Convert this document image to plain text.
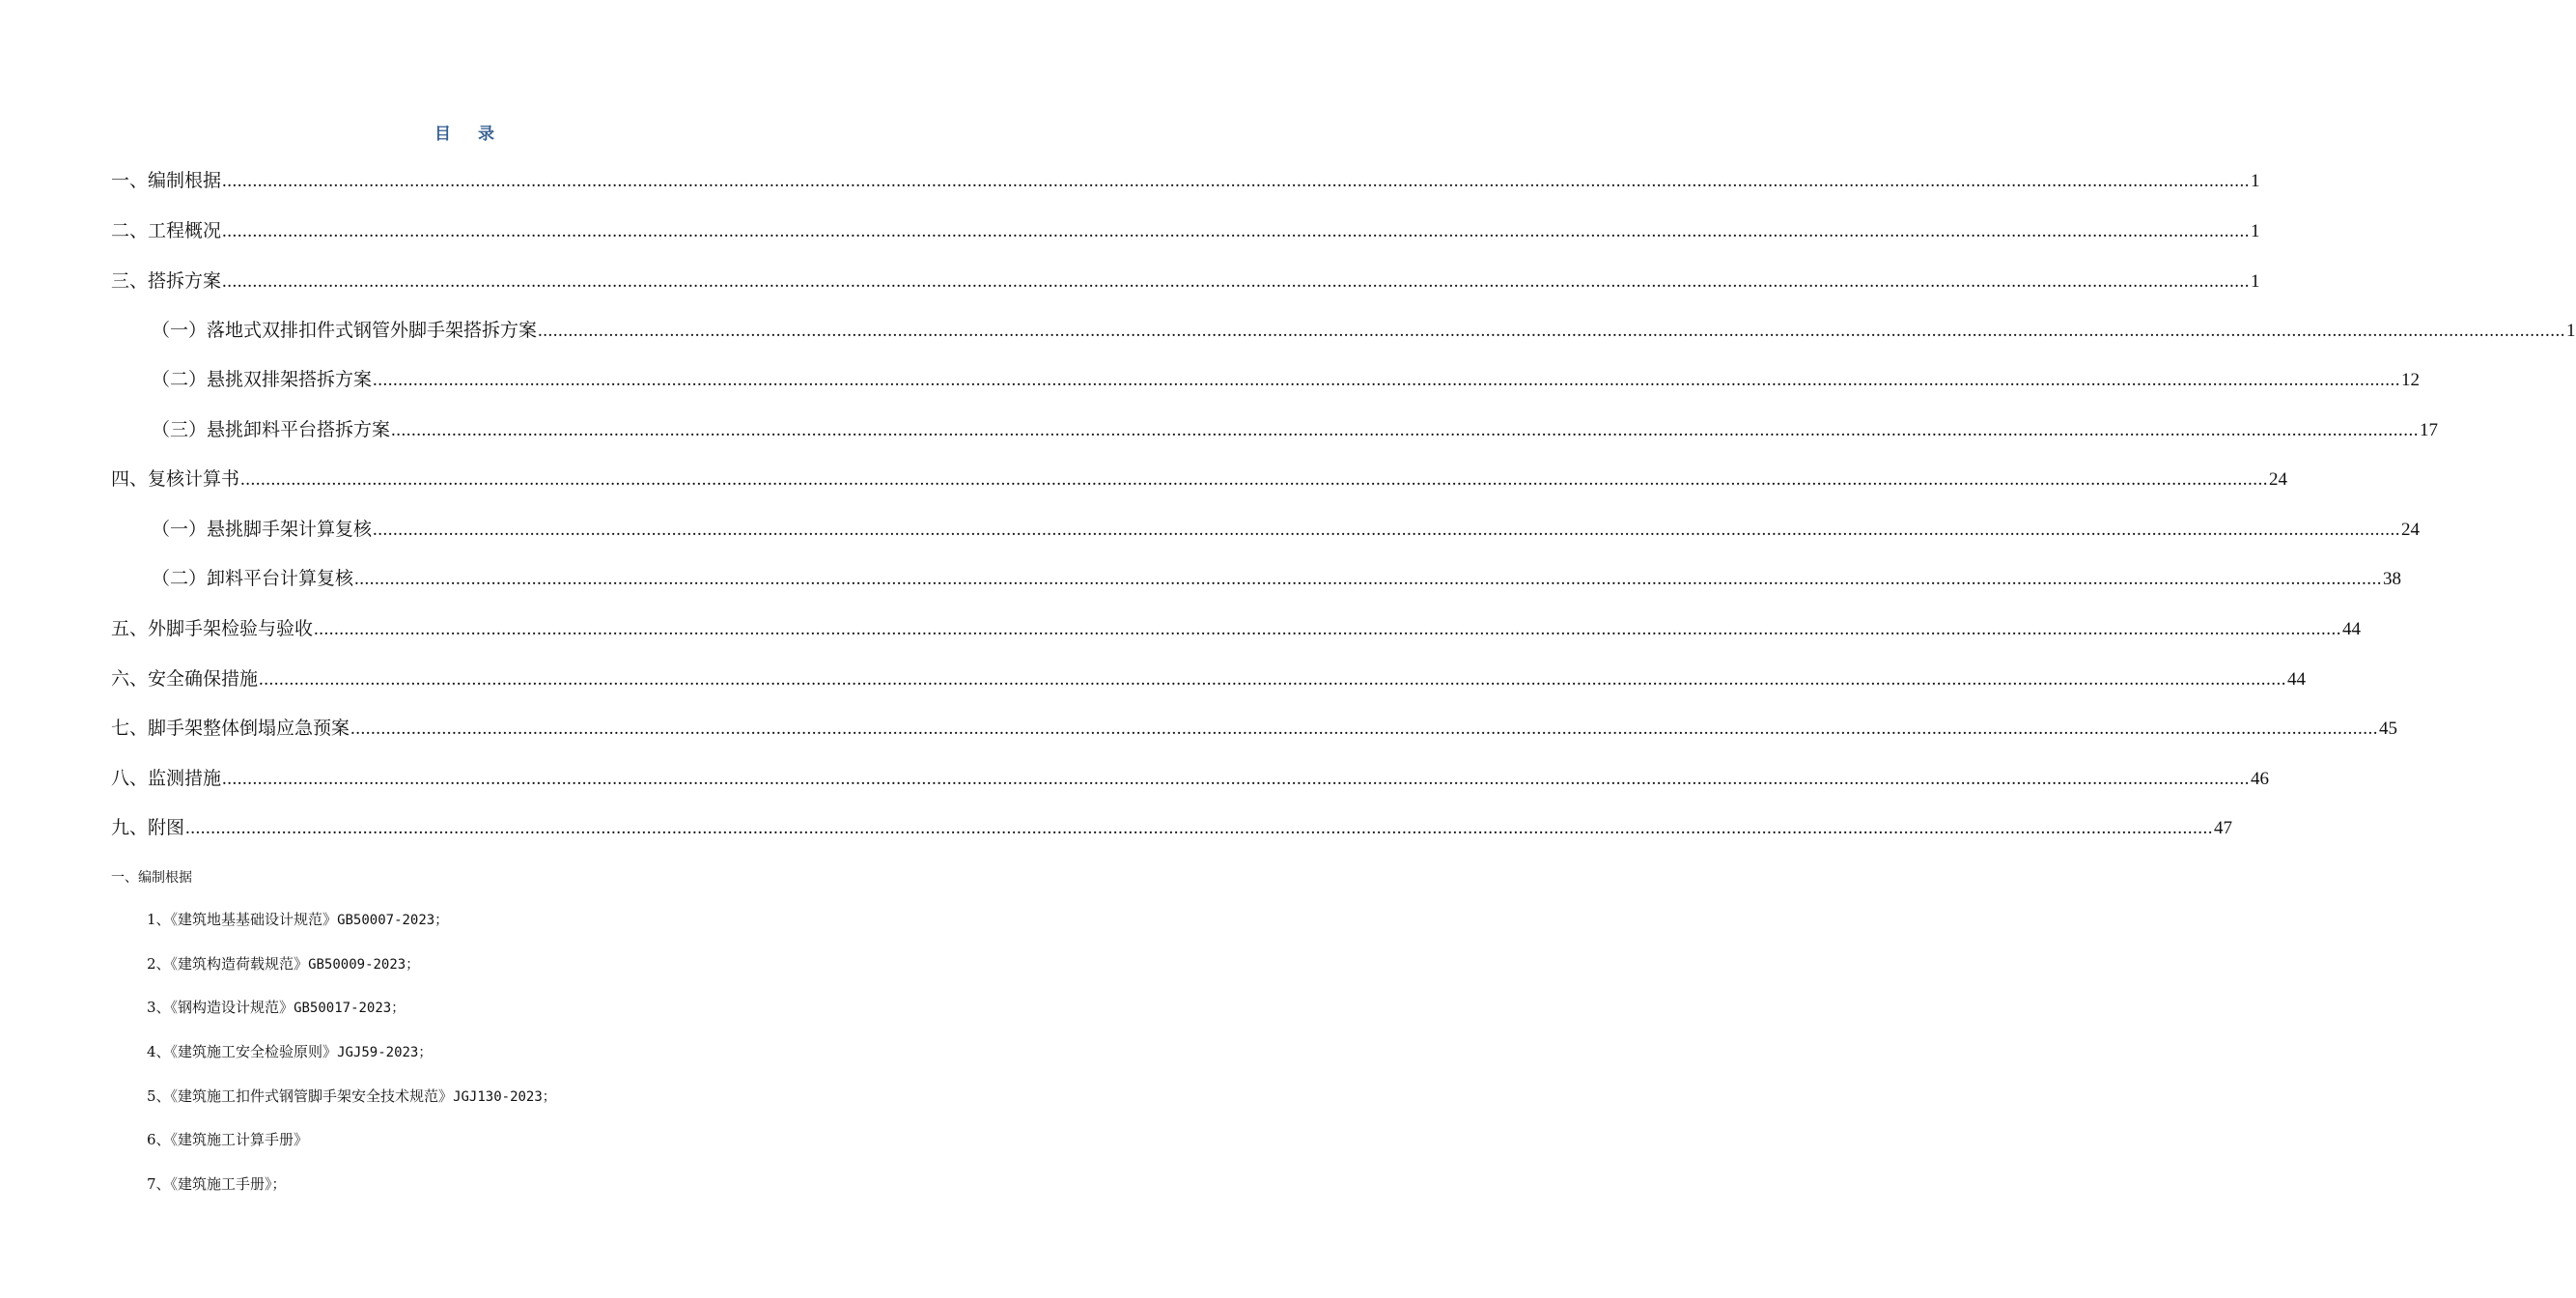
目录
一、编制根据 ................................................................................................................................................................................................................................................................................................................................................................................................................ 1
二、工程概况 ................................................................................................................................................................................................................................................................................................................................................................................................................ 1
三、搭拆方案 ................................................................................................................................................................................................................................................................................................................................................................................................................ 1
（一）落地式双排扣件式钢管外脚手架搭拆方案 ................................................................................................................................................................................................................................................................................................................................................................................................................ 1
（二）悬挑双排架搭拆方案 ................................................................................................................................................................................................................................................................................................................................................................................................................ 12
（三）悬挑卸料平台搭拆方案 ................................................................................................................................................................................................................................................................................................................................................................................................................ 17
四、复核计算书 ................................................................................................................................................................................................................................................................................................................................................................................................................ 24
（一）悬挑脚手架计算复核 ................................................................................................................................................................................................................................................................................................................................................................................................................ 24
（二）卸料平台计算复核 ................................................................................................................................................................................................................................................................................................................................................................................................................ 38
五、外脚手架检验与验收 ................................................................................................................................................................................................................................................................................................................................................................................................................ 44
六、安全确保措施 ................................................................................................................................................................................................................................................................................................................................................................................................................ 44
七、脚手架整体倒塌应急预案 ................................................................................................................................................................................................................................................................................................................................................................................................................ 45
八、监测措施 ................................................................................................................................................................................................................................................................................................................................................................................................................ 46
九、附图 ................................................................................................................................................................................................................................................................................................................................................................................................................ 47
一、编制根据
1、《建筑地基基础设计规范》GB50007-2023；
2、《建筑构造荷载规范》GB50009-2023；
3、《钢构造设计规范》GB50017-2023；
4、《建筑施工安全检验原则》JGJ59-2023；
5、《建筑施工扣件式钢管脚手架安全技术规范》JGJ130-2023；
6、《建筑施工计算手册》
7、《建筑施工手册》；
